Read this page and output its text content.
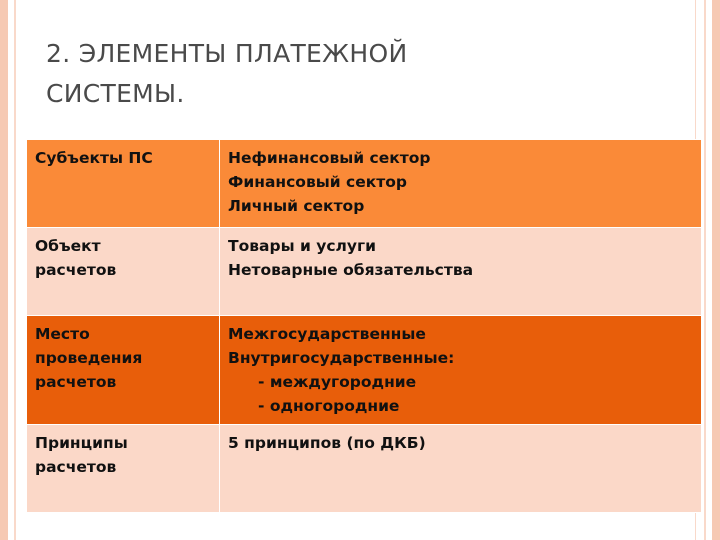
2. ЭЛЕМЕНТЫ ПЛАТЕЖНОЙ
СИСТЕМЫ.
Субъекты ПС	Нефинансовый сектор
Финансовый сектор
Личный сектор

Объект
расчетов	Товары и услуги
Нетоварные обязательства

Место
проведения
расчетов	Межгосударственные
Внутригосударственные:
- междугородние
- одногородние

Принципы
расчетов	5 принципов (по ДКБ)
